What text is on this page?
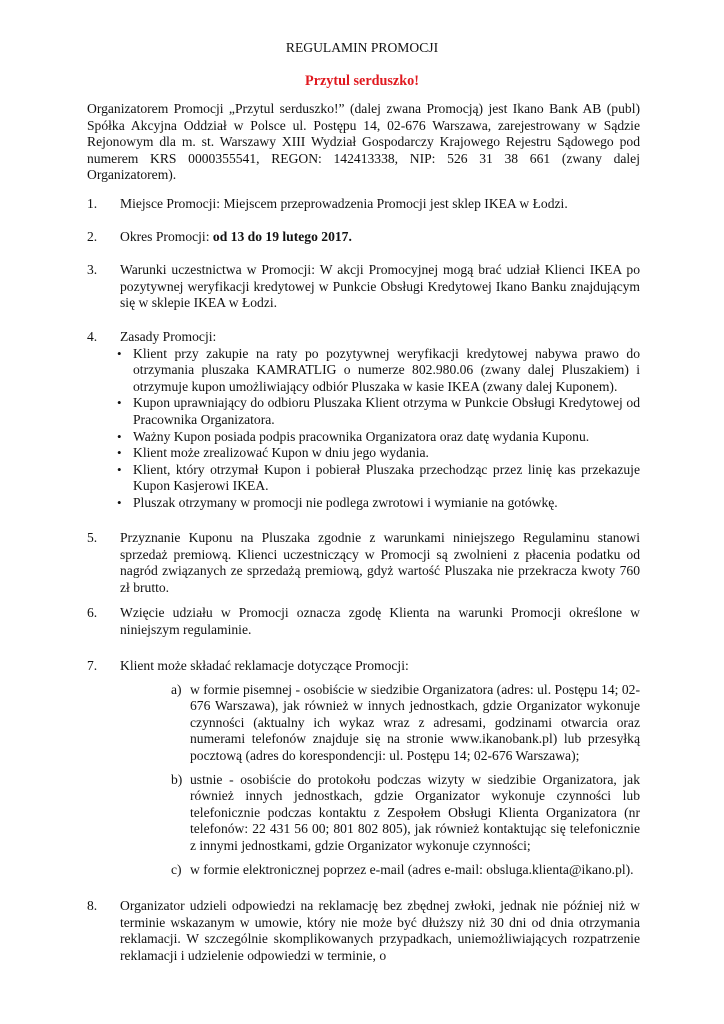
REGULAMIN PROMOCJI
Przytul serduszko!
Organizatorem Promocji „Przytul serduszko!” (dalej zwana Promocją) jest Ikano Bank AB (publ) Spółka Akcyjna Oddział w Polsce ul. Postępu 14, 02-676 Warszawa, zarejestrowany w Sądzie Rejonowym dla m. st. Warszawy XIII Wydział Gospodarczy Krajowego Rejestru Sądowego pod numerem KRS 0000355541, REGON: 142413338, NIP: 526 31 38 661 (zwany dalej Organizatorem).
1. Miejsce Promocji: Miejscem przeprowadzenia Promocji jest sklep IKEA w Łodzi.
2. Okres Promocji: od 13 do 19 lutego 2017.
3. Warunki uczestnictwa w Promocji: W akcji Promocyjnej mogą brać udział Klienci IKEA po pozytywnej weryfikacji kredytowej w Punkcie Obsługi Kredytowej Ikano Banku znajdującym się w sklepie IKEA w Łodzi.
4. Zasady Promocji:
• Klient przy zakupie na raty po pozytywnej weryfikacji kredytowej nabywa prawo do otrzymania pluszaka KAMRATLIG o numerze 802.980.06 (zwany dalej Pluszakiem) i otrzymuje kupon umożliwiający odbiór Pluszaka w kasie IKEA (zwany dalej Kuponem).
• Kupon uprawniający do odbioru Pluszaka Klient otrzyma w Punkcie Obsługi Kredytowej od Pracownika Organizatora.
• Ważny Kupon posiada podpis pracownika Organizatora oraz datę wydania Kuponu.
• Klient może zrealizować Kupon w dniu jego wydania.
• Klient, który otrzymał Kupon i pobierał Pluszaka przechodząc przez linię kas przekazuje Kupon Kasjerowi IKEA.
• Pluszak otrzymany w promocji nie podlega zwrotowi i wymianie na gotówkę.
5. Przyznanie Kuponu na Pluszaka zgodnie z warunkami niniejszego Regulaminu stanowi sprzedaż premiową. Klienci uczestniczący w Promocji są zwolnieni z płacenia podatku od nagród związanych ze sprzedażą premiową, gdyż wartość Pluszaka nie przekracza kwoty 760 zł brutto.
6. Wzięcie udziału w Promocji oznacza zgodę Klienta na warunki Promocji określone w niniejszym regulaminie.
7. Klient może składać reklamacje dotyczące Promocji:
a) w formie pisemnej - osobiście w siedzibie Organizatora (adres: ul. Postępu 14; 02-676 Warszawa), jak również w innych jednostkach, gdzie Organizator wykonuje czynności (aktualny ich wykaz wraz z adresami, godzinami otwarcia oraz numerami telefonów znajduje się na stronie www.ikanobank.pl) lub przesyłką pocztową (adres do korespondencji: ul. Postępu 14; 02-676 Warszawa);
b) ustnie - osobiście do protokołu podczas wizyty w siedzibie Organizatora, jak również innych jednostkach, gdzie Organizator wykonuje czynności lub telefonicznie podczas kontaktu z Zespołem Obsługi Klienta Organizatora (nr telefonów: 22 431 56 00; 801 802 805), jak również kontaktując się telefonicznie z innymi jednostkami, gdzie Organizator wykonuje czynności;
c) w formie elektronicznej poprzez e-mail (adres e-mail: obsluga.klienta@ikano.pl).
8. Organizator udzieli odpowiedzi na reklamację bez zbędnej zwłoki, jednak nie później niż w terminie wskazanym w umowie, który nie może być dłuższy niż 30 dni od dnia otrzymania reklamacji. W szczególnie skomplikowanych przypadkach, uniemożliwiających rozpatrzenie reklamacji i udzielenie odpowiedzi w terminie, o
